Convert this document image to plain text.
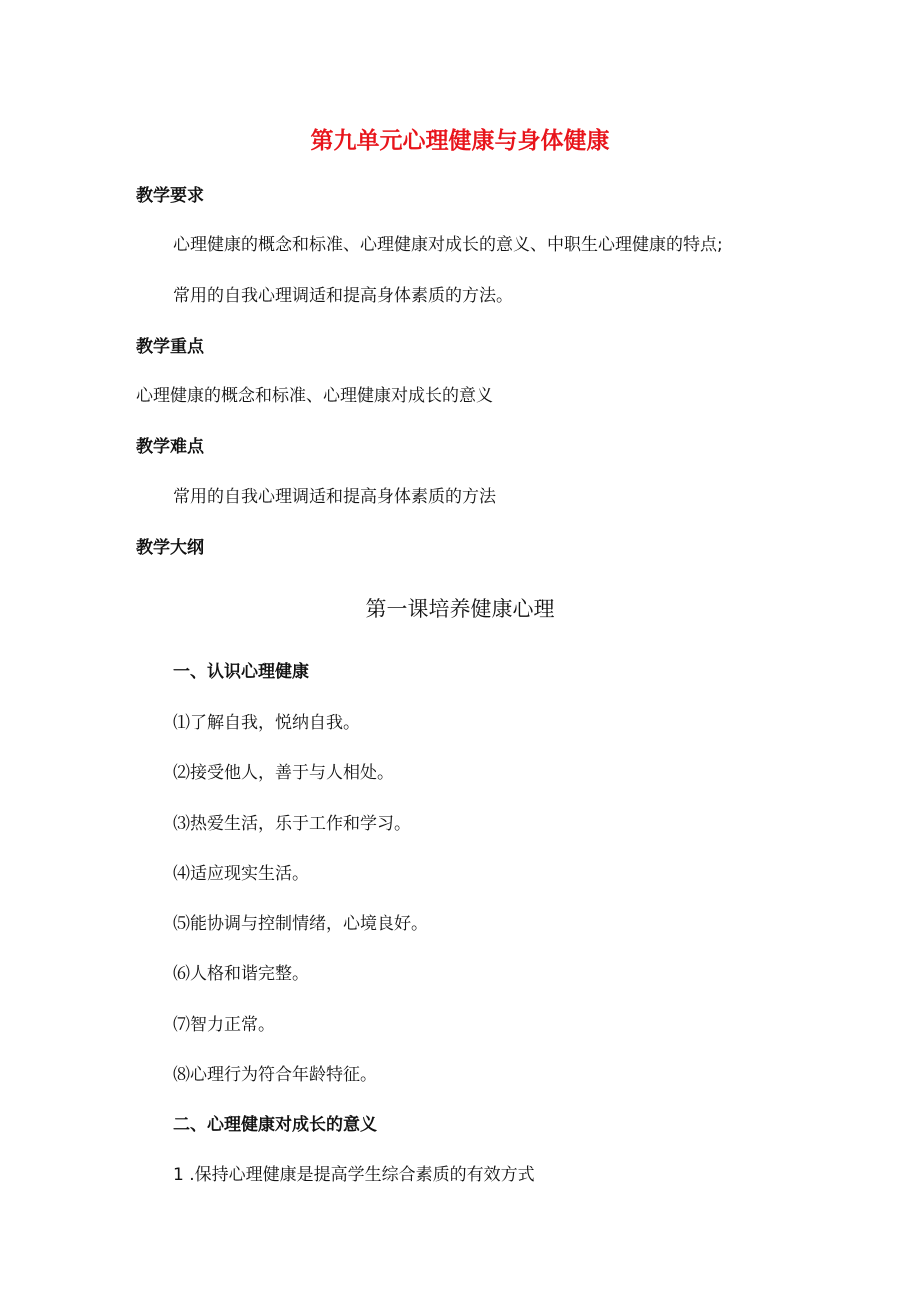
第九单元心理健康与身体健康
教学要求
心理健康的概念和标准、心理健康对成长的意义、中职生心理健康的特点;
常用的自我心理调适和提高身体素质的方法。
教学重点
心理健康的概念和标准、心理健康对成长的意义
教学难点
常用的自我心理调适和提高身体素质的方法
教学大纲
第一课培养健康心理
一、认识心理健康
⑴了解自我，悦纳自我。
⑵接受他人，善于与人相处。
⑶热爱生活，乐于工作和学习。
⑷适应现实生活。
⑸能协调与控制情绪，心境良好。
⑹人格和谐完整。
⑺智力正常。
⑻心理行为符合年龄特征。
二、心理健康对成长的意义
1 .保持心理健康是提高学生综合素质的有效方式
